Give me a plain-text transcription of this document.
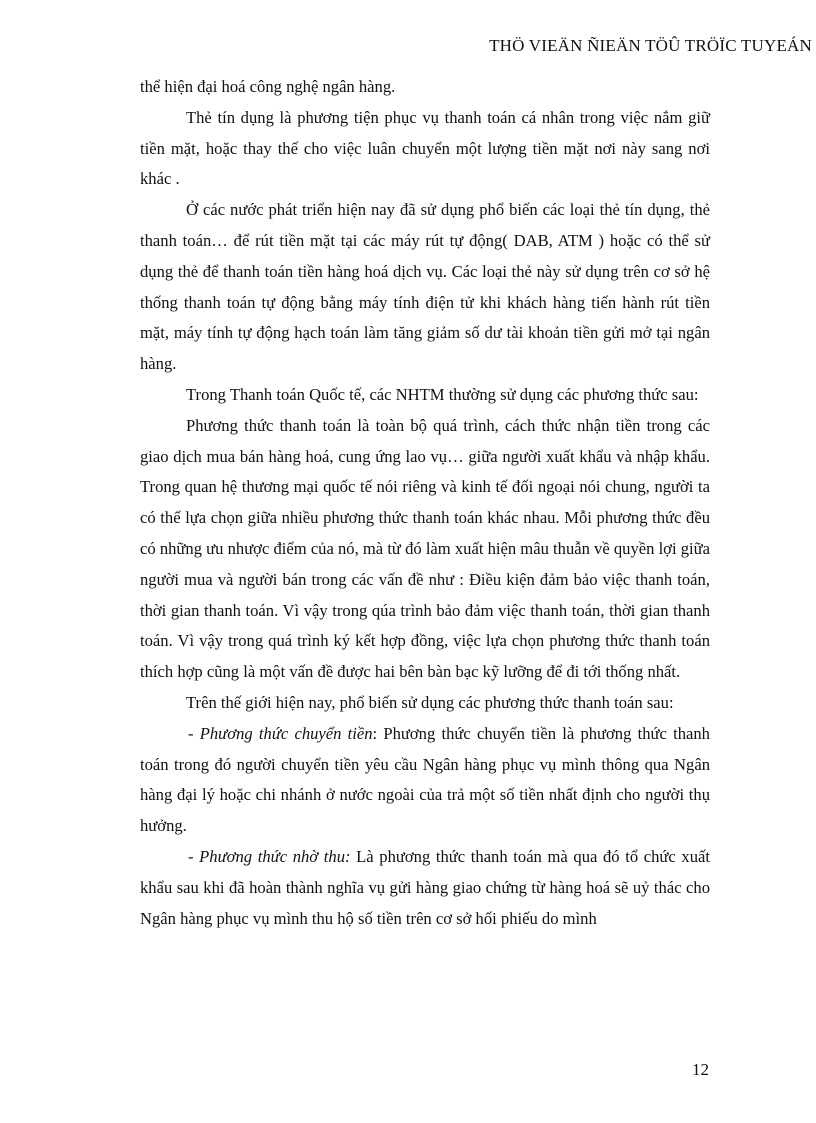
THÖ VIEÄN ÑIEÄN TÖÛ TRÖÏC TUYEÁN

thể hiện đại hoá công nghệ ngân hàng.

Thẻ tín dụng là phương tiện phục vụ thanh toán cá nhân trong việc nắm giữ tiền mặt, hoặc thay thế cho việc luân chuyển một lượng tiền mặt nơi này sang nơi khác .

Ở các nước phát triển hiện nay đã sử dụng phổ biến các loại thẻ tín dụng, thẻ thanh toán… để rút tiền mặt tại các máy rút tự động( DAB, ATM ) hoặc có thể sử dụng thẻ để thanh toán tiền hàng hoá dịch vụ. Các loại thẻ này sử dụng trên cơ sở hệ thống thanh toán tự động bằng máy tính điện tử khi khách hàng tiến hành rút tiền mặt, máy tính tự động hạch toán làm tăng giảm số dư tài khoản tiền gửi mở tại ngân hàng.

Trong Thanh toán Quốc tế, các NHTM thường sử dụng các phương thức sau:

Phương thức thanh toán là toàn bộ quá trình, cách thức nhận tiền trong các giao dịch mua bán hàng hoá, cung ứng lao vụ… giữa người xuất khẩu và nhập khẩu. Trong quan hệ thương mại quốc tế nói riêng và kinh tế đối ngoại nói chung, người ta có thể lựa chọn giữa nhiều phương thức thanh toán khác nhau. Mỗi phương thức đều có những ưu nhược điểm của nó, mà từ đó làm xuất hiện mâu thuẫn về quyền lợi giữa người mua và người bán trong các vấn đề như : Điều kiện đảm bảo việc thanh toán, thời gian thanh toán. Vì vậy trong qúa trình bảo đảm việc thanh toán, thời gian thanh toán. Vì vậy trong quá trình ký kết hợp đồng, việc lựa chọn phương thức thanh toán thích hợp cũng là một vấn đề được hai bên bàn bạc kỹ lưỡng để đi tới thống nhất.

Trên thế giới hiện nay, phổ biến sử dụng các phương thức thanh toán sau:

- Phương thức chuyển tiền: Phương thức chuyển tiền là phương thức thanh toán trong đó người chuyển tiền yêu cầu Ngân hàng phục vụ mình thông qua Ngân hàng đại lý hoặc chi nhánh ở nước ngoài của trả một số tiền nhất định cho người thụ hưởng.

- Phương thức nhờ thu: Là phương thức thanh toán mà qua đó tổ chức xuất khẩu sau khi đã hoàn thành nghĩa vụ gửi hàng giao chứng từ hàng hoá sẽ uỷ thác cho Ngân hàng phục vụ mình thu hộ số tiền trên cơ sở hối phiếu do mình

12
